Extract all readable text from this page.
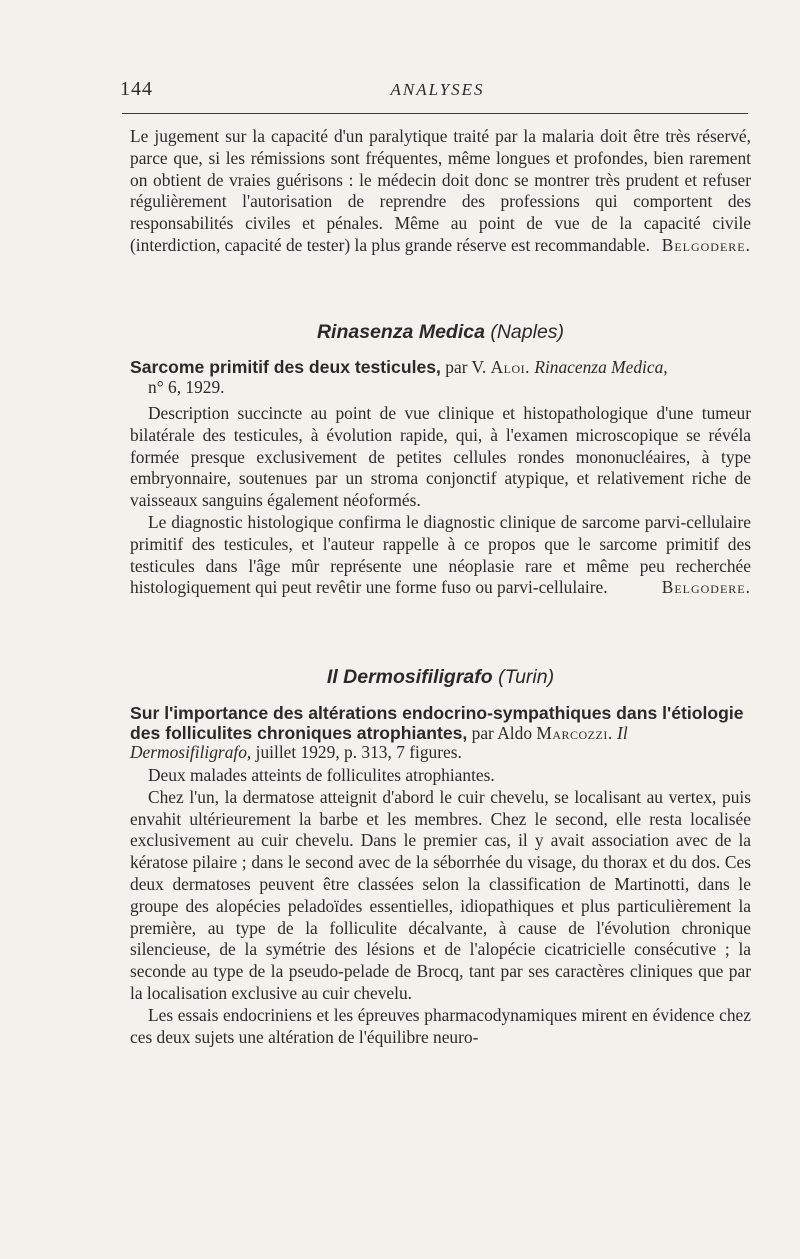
144	ANALYSES

Le jugement sur la capacité d'un paralytique traité par la malaria doit être très réservé, parce que, si les rémissions sont fréquentes, même longues et profondes, bien rarement on obtient de vraies guérisons : le médecin doit donc se montrer très prudent et refuser régulièrement l'autorisation de reprendre des professions qui comportent des responsabilités civiles et pénales. Même au point de vue de la capacité civile (interdiction, capacité de tester) la plus grande réserve est recommandable. Belgodere.

Rinasenza Medica (Naples)
Sarcome primitif des deux testicules, par V. Aloi. Rinacenza Medica,
n° 6, 1929.

Description succincte au point de vue clinique et histopathologique d'une tumeur bilatérale des testicules, à évolution rapide, qui, à l'examen microscopique se révéla formée presque exclusivement de petites cellules rondes mononucléaires, à type embryonnaire, soutenues par un stroma conjonctif atypique, et relativement riche de vaisseaux sanguins également néoformés.

Le diagnostic histologique confirma le diagnostic clinique de sarcome parvi-cellulaire primitif des testicules, et l'auteur rappelle à ce propos que le sarcome primitif des testicules dans l'âge mûr représente une néoplasie rare et même peu recherchée histologiquement qui peut revêtir une forme fuso ou parvi-cellulaire.	Belgodere.

Il Dermosifiligrafo (Turin)
Sur l'importance des altérations endocrino-sympathiques dans l'étiologie des folliculites chroniques atrophiantes, par Aldo Marcozzi. Il Dermosifiligrafo, juillet 1929, p. 313, 7 figures.

Deux malades atteints de folliculites atrophiantes.

Chez l'un, la dermatose atteignit d'abord le cuir chevelu, se localisant au vertex, puis envahit ultérieurement la barbe et les membres. Chez le second, elle resta localisée exclusivement au cuir chevelu. Dans le premier cas, il y avait association avec de la kératose pilaire ; dans le second avec de la séborrhée du visage, du thorax et du dos. Ces deux dermatoses peuvent être classées selon la classification de Martinotti, dans le groupe des alopécies peladoïdes essentielles, idiopathiques et plus particulièrement la première, au type de la folliculite décalvante, à cause de l'évolution chronique silencieuse, de la symétrie des lésions et de l'alopécie cicatricielle consécutive ; la seconde au type de la pseudo-pelade de Brocq, tant par ses caractères cliniques que par la localisation exclusive au cuir chevelu.

Les essais endocriniens et les épreuves pharmacodynamiques mirent en évidence chez ces deux sujets une altération de l'équilibre neuro-
